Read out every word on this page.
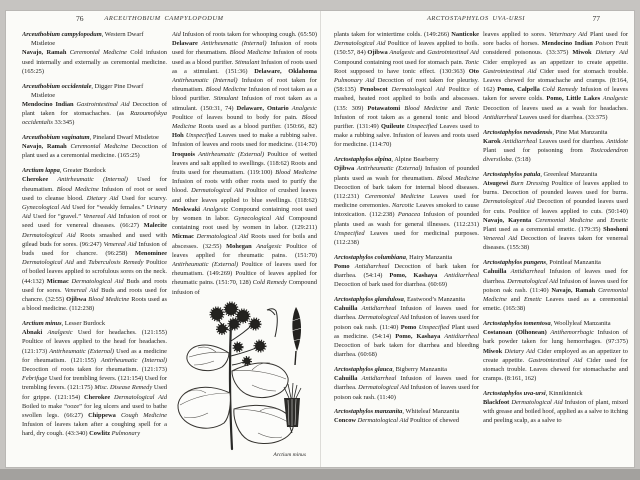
76	ARCEUTHOBIUM CAMPYLOPODUM

Arceuthobium campylopodum, Western Dwarf Mistletoe

Navajo, Ramah Ceremonial Medicine Cold infusion used internally and externally as ceremonial medicine. (165:25)

Arceuthobium occidentale, Digger Pine Dwarf Mistletoe

Mendocino Indian Gastrointestinal Aid Decoction of plant taken for stomachaches. (as Razoumofskya occidentalis 33:345)

Arceuthobium vaginatum, Pineland Dwarf Mistletoe

Navajo, Ramah Ceremonial Medicine Decoction of plant used as a ceremonial medicine. (165:25)

Arctium lappa, Greater Burdock

Cherokee Antirheumatic (Internal) Used for rheumatism. Blood Medicine Infusion of root or seed used to cleanse blood. Dietary Aid Used for scurvy. Gynecological Aid Used for “weakly females.” Urinary Aid Used for “gravel.” Venereal Aid Infusion of root or seed used for venereal diseases. (66:27) Malecite Dermatological Aid Roots smashed and used with gilead buds for sores. (96:247) Venereal Aid Infusion of buds used for chancre. (96:258) Menominee Dermatological Aid and Tuberculosis Remedy Poultice of boiled leaves applied to scrofulous sores on the neck. (44:132) Micmac Dermatological Aid Buds and roots used for sores. Venereal Aid Buds and roots used for chancre. (32:55) Ojibwa Blood Medicine Roots used as a blood medicine. (112:238)

Arctium minus, Lesser Burdock

Abnaki Analgesic Used for headaches. (121:155) Poultice of leaves applied to the head for headaches. (121:173) Antirheumatic (External) Used as a medicine for rheumatism. (121:155) Antirheumatic (Internal) Decoction of roots taken for rheumatism. (121:173) Febrifuge Used for trembling fevers. (121:154) Used for trembling fevers. (121:175) Misc. Disease Remedy Used for grippe. (121:154) Cherokee Dermatological Aid Boiled to make “ooze” for leg ulcers and used to bathe swollen legs. (66:27) Chippewa Cough Medicine Infusion of leaves taken after a coughing spell for a hard, dry cough. (43:340) Cowlitz Pulmonary

Aid Infusion of roots taken for whooping cough. (65:50) Delaware Antirheumatic (Internal) Infusion of roots used for rheumatism. Blood Medicine Infusion of roots used as a blood purifier. Stimulant Infusion of roots used as a stimulant. (151:36) Delaware, Oklahoma Antirheumatic (Internal) Infusion of root taken for rheumatism. Blood Medicine Infusion of root taken as a blood purifier. Stimulant Infusion of root taken as a stimulant. (150:31, 74) Delaware, Ontario Analgesic Poultice of leaves bound to body for pain. Blood Medicine Roots used as a blood purifier. (150:66, 82) Hoh Unspecified Leaves used to make a rubbing salve. Infusion of leaves and roots used for medicine. (114:70) Iroquois Antirheumatic (External) Poultice of wetted leaves and salt applied to swellings. (118:62) Roots and fruits used for rheumatism. (119:100) Blood Medicine Infusion of roots with other roots used to purify the blood. Dermatological Aid Poultice of crushed leaves and other leaves applied to blue swellings. (118:62) Meskwaki Analgesic Compound containing root used by women in labor. Gynecological Aid Compound containing root used by women in labor. (129:211) Micmac Dermatological Aid Roots used for boils and abscesses. (32:55) Mohegan Analgesic Poultice of leaves applied for rheumatic pains. (151:70) Antirheumatic (External) Poultice of leaves used for rheumatism. (149:269) Poultice of leaves applied for rheumatic pains. (151:70, 128) Cold Remedy Compound infusion of

Arctium minus
77
ARCTOSTAPHYLOS UVA-URSI

plants taken for wintertime colds. (149:266) Nanticoke Dermatological Aid Poultice of leaves applied to boils. (150:57, 84) Ojibwa Analgesic and Gastrointestinal Aid Compound containing root used for stomach pain. Tonic Root supposed to have tonic effect. (130:363) Oto Pulmonary Aid Decoction of root taken for pleurisy. (58:135) Penobscot Dermatological Aid Poultice of mashed, heated root applied to boils and abscesses. (135: 309) Potawatomi Blood Medicine and Tonic Infusion of root taken as a general tonic and blood purifier. (131:49) Quileute Unspecified Leaves used to make a rubbing salve. Infusion of leaves and roots used for medicine. (114:70)

Arctostaphylos alpina, Alpine Bearberry

Ojibwa Antirheumatic (External) Infusion of pounded plants used as wash for rheumatism. Blood Medicine Decoction of bark taken for internal blood diseases. (112:231) Ceremonial Medicine Leaves used for medicine ceremonies. Narcotic Leaves smoked to cause intoxication. (112:238) Panacea Infusion of pounded plants used as wash for general illnesses. (112:231) Unspecified Leaves used for medicinal purposes. (112:238)

Arctostaphylos columbiana, Hairy Manzanita

Pomo Antidiarrheal Decoction of bark taken for diarrhea. (54:14) Pomo, Kashaya Antidiarrheal Decoction of bark used for diarrhea. (60:69)

Arctostaphylos glandulosa, Eastwood’s Manzanita

Cahuilla Antidiarrheal Infusion of leaves used for diarrhea. Dermatological Aid Infusion of leaves used for poison oak rash. (11:40) Pomo Unspecified Plant used as medicine. (54:14) Pomo, Kashaya Antidiarrheal Decoction of bark taken for diarrhea and bleeding diarrhea. (60:68)

Arctostaphylos glauca, Bigberry Manzanita

Cahuilla Antidiarrheal Infusion of leaves used for diarrhea. Dermatological Aid Infusion of leaves used for poison oak rash. (11:40)

Arctostaphylos manzanita, Whiteleaf Manzanita

Concow Dermatological Aid Poultice of chewed

leaves applied to sores. Veterinary Aid Plant used for sore backs of horses. Mendocino Indian Poison Fruit considered poisonous. (33:375) Miwok Dietary Aid Cider employed as an appetizer to create appetite. Gastrointestinal Aid Cider used for stomach trouble. Leaves chewed for stomachache and cramps. (8:164, 162) Pomo, Calpella Cold Remedy Infusion of leaves taken for severe colds. Pomo, Little Lakes Analgesic Decoction of leaves used as a wash for headaches. Antidiarrheal Leaves used for diarrhea. (33:375)

Arctostaphylos nevadensis, Pine Mat Manzanita

Karok Antidiarrheal Leaves used for diarrhea. Antidote Plant used for poisoning from Toxicodendron diversiloba. (5:18)

Arctostaphylos patula, Greenleaf Manzanita

Atsugewi Burn Dressing Poultice of leaves applied to burns. Decoction of pounded leaves used for burns. Dermatological Aid Decoction of pounded leaves used for cuts. Poultice of leaves applied to cuts. (50:140) Navajo, Kayenta Ceremonial Medicine and Emetic Plant used as a ceremonial emetic. (179:35) Shoshoni Venereal Aid Decoction of leaves taken for venereal diseases. (155:38)

Arctostaphylos pungens, Pointleaf Manzanita

Cahuilla Antidiarrheal Infusion of leaves used for diarrhea. Dermatological Aid Infusion of leaves used for poison oak rash. (11:40) Navajo, Ramah Ceremonial Medicine and Emetic Leaves used as a ceremonial emetic. (165:38)

Arctostaphylos tomentosa, Woollyleaf Manzanita

Costanoan (Olhonean) Antihemorrhagic Infusion of bark powder taken for lung hemorrhages. (97:375) Miwok Dietary Aid Cider employed as an appetizer to create appetite. Gastrointestinal Aid Cider used for stomach trouble. Leaves chewed for stomachache and cramps. (8:161, 162)

Arctostaphylos uva-ursi, Kinnikinnick

Blackfoot Dermatological Aid Infusion of plant, mixed with grease and boiled hoof, applied as a salve to itching and peeling scalp, as a salve to
